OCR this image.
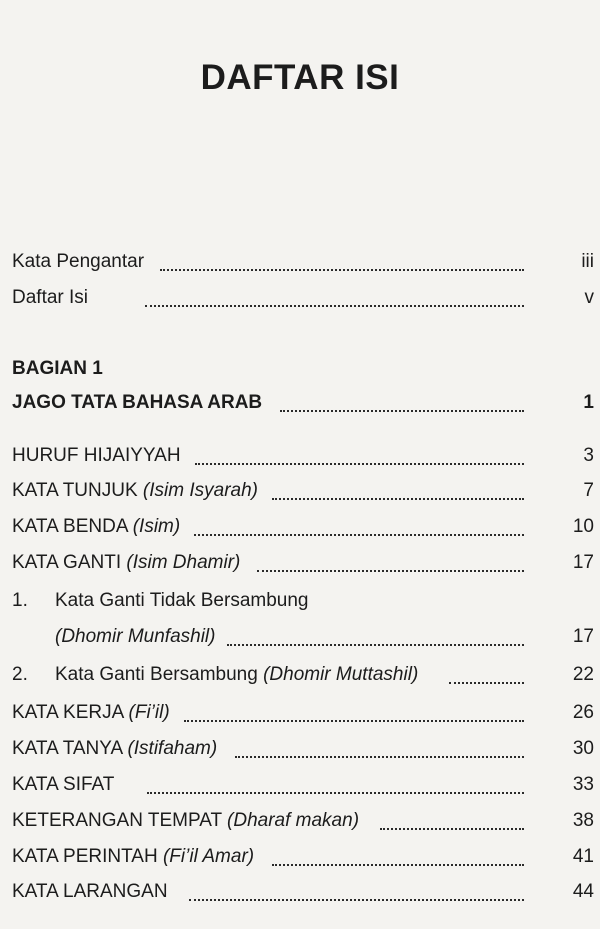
DAFTAR ISI
Kata Pengantar	iii
Daftar Isi	v
BAGIAN 1
JAGO TATA BAHASA ARAB	1
HURUF HIJAIYYAH	3
KATA TUNJUK (Isim Isyarah)	7
KATA BENDA (Isim)	10
KATA GANTI (Isim Dhamir)	17
1. Kata Ganti Tidak Bersambung
(Dhomir Munfashil)	17
2. Kata Ganti Bersambung (Dhomir Muttashil)	22
KATA KERJA (Fi’il)	26
KATA TANYA (Istifaham)	30
KATA SIFAT	33
KETERANGAN TEMPAT (Dharaf makan)	38
KATA PERINTAH (Fi’il Amar)	41
KATA LARANGAN	44
